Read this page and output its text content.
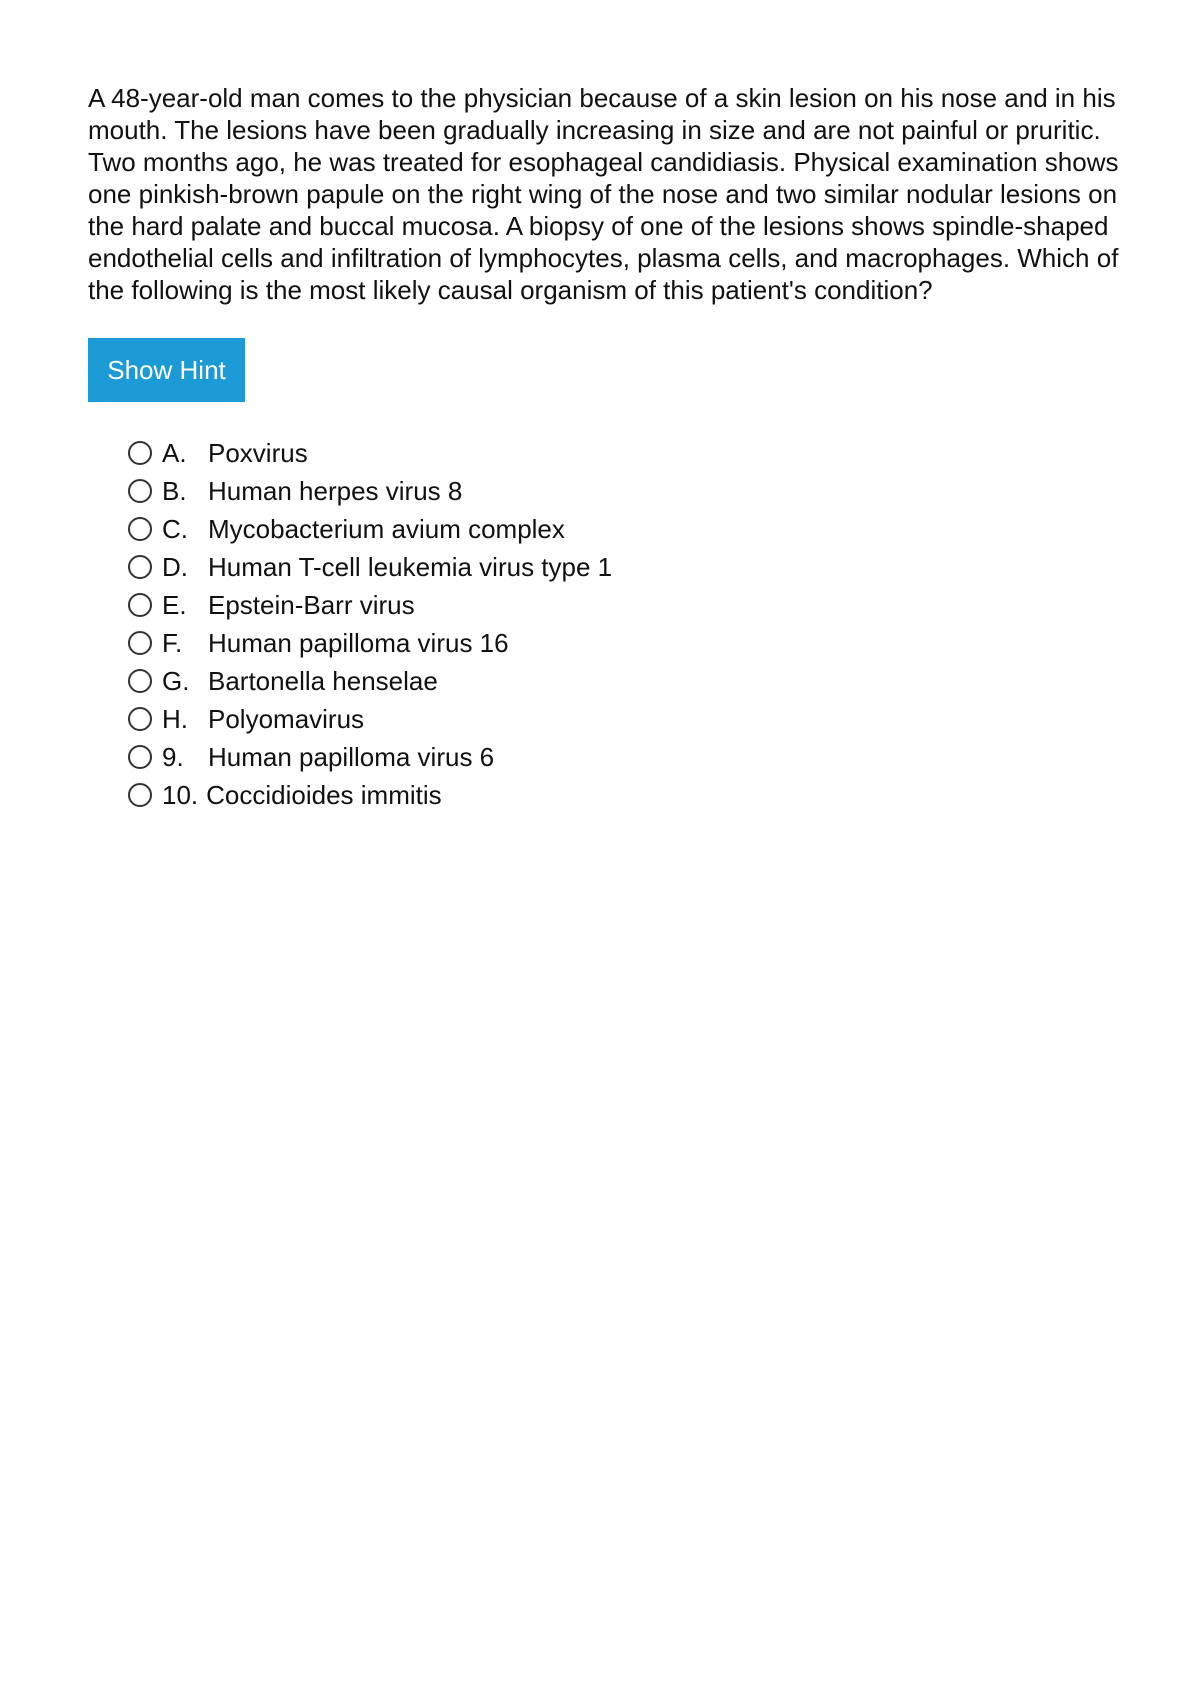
A 48-year-old man comes to the physician because of a skin lesion on his nose and in his mouth. The lesions have been gradually increasing in size and are not painful or pruritic. Two months ago, he was treated for esophageal candidiasis. Physical examination shows one pinkish-brown papule on the right wing of the nose and two similar nodular lesions on the hard palate and buccal mucosa. A biopsy of one of the lesions shows spindle-shaped endothelial cells and infiltration of lymphocytes, plasma cells, and macrophages. Which of the following is the most likely causal organism of this patient's condition?

Show Hint
A. Poxvirus
B. Human herpes virus 8
C. Mycobacterium avium complex
D. Human T-cell leukemia virus type 1
E. Epstein-Barr virus
F. Human papilloma virus 16
G. Bartonella henselae
H. Polyomavirus
9. Human papilloma virus 6
10. Coccidioides immitis
